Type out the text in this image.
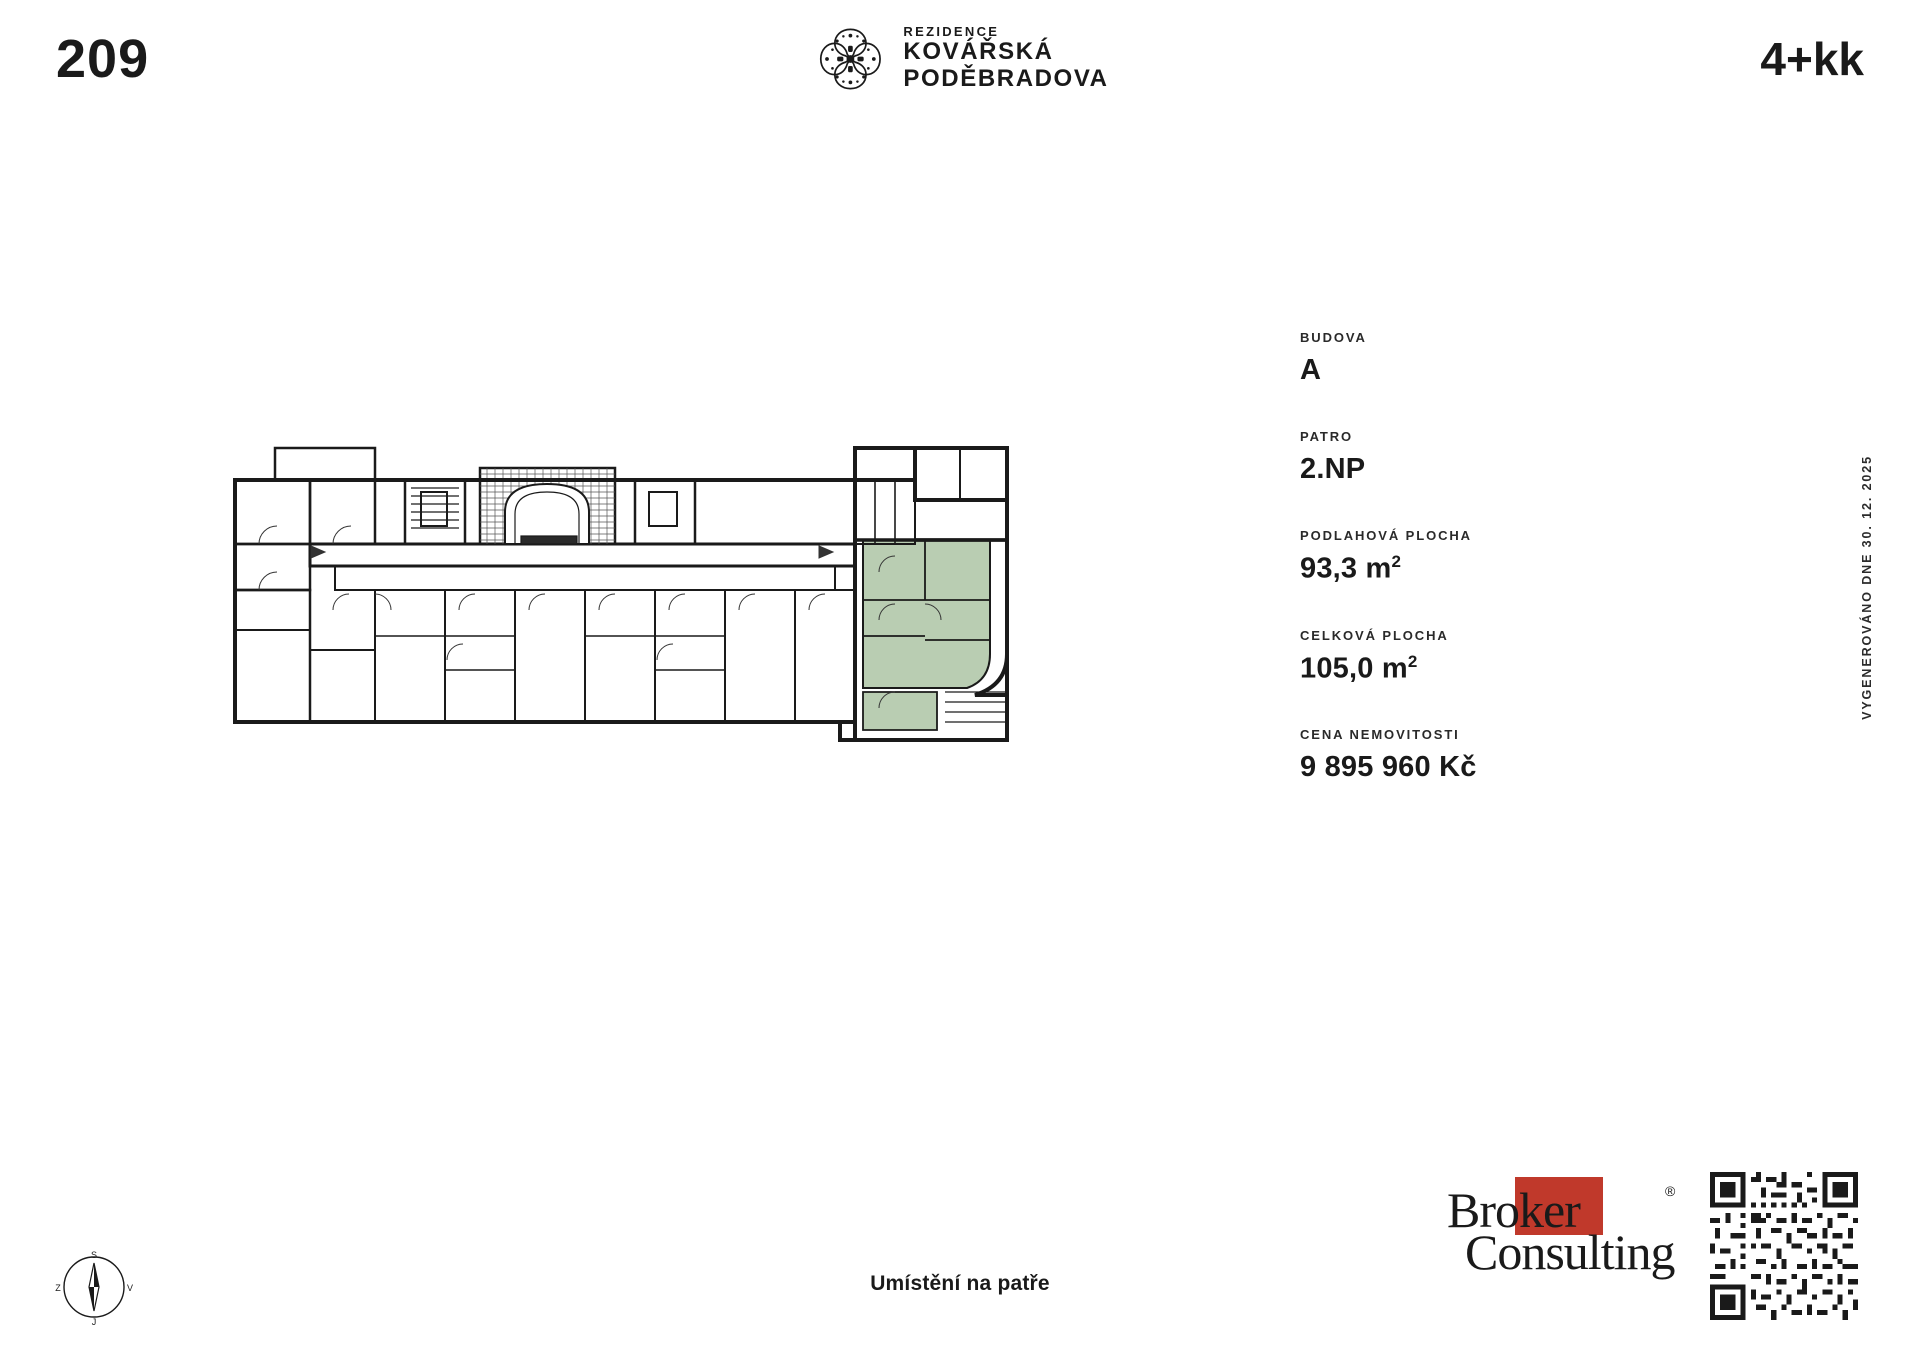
209	REZIDENCE
KOVÁŘSKÁ
PODĚBRADOVA	4+kk
BUDOVA
A
PATRO
2.NP
PODLAHOVÁ PLOCHA
93,3 $m^2$
CELKOVÁ PLOCHA
105,0 $m^2$
CENA NEMOVITOSTI
9 895 960 Kč
VYGENEROVÁNO DNE 30. 12. 2025
Umístění na patře
S
J
Z	V
Broker
Consulting
®
